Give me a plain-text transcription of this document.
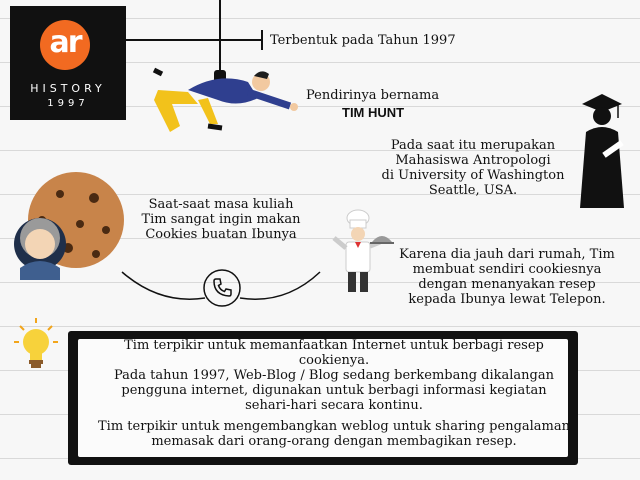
ar
HISTORY
1997
Terbentuk pada Tahun 1997
Pendirinya bernama
TIM HUNT
Pada saat itu merupakan
Mahasiswa Antropologi
di University of Washington
Seattle, USA.
Saat-saat masa kuliah
Tim sangat ingin makan
Cookies buatan Ibunya
Karena dia jauh dari rumah, Tim
membuat sendiri cookiesnya
dengan menanyakan resep
kepada Ibunya lewat Telepon.
Tim terpikir untuk memanfaatkan Internet untuk berbagi resep
cookienya.
Pada tahun 1997, Web-Blog / Blog sedang berkembang dikalangan
pengguna internet, digunakan untuk berbagi informasi kegiatan
sehari-hari secara kontinu.
Tim terpikir untuk mengembangkan weblog untuk sharing pengalaman
memasak dari orang-orang dengan membagikan resep.
